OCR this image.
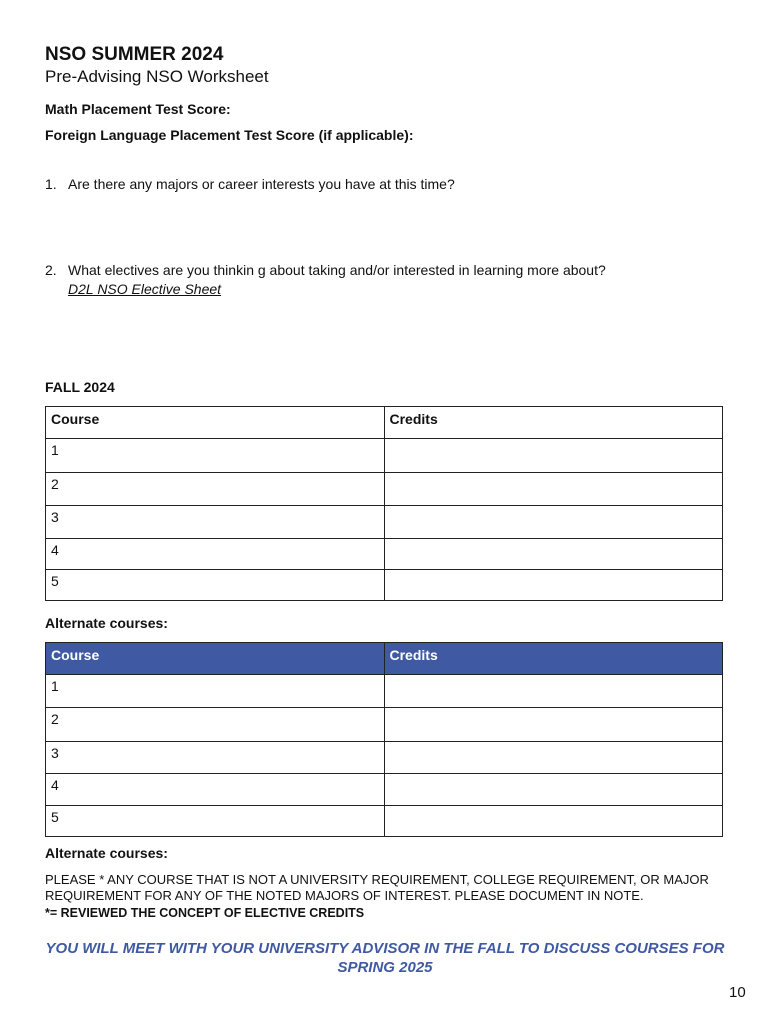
NSO SUMMER 2024
Pre-Advising NSO Worksheet
Math Placement Test Score:
Foreign Language Placement Test Score (if applicable):
1. Are there any majors or career interests you have at this time?
2. What electives are you thinkin g about taking and/or interested in learning more about?
D2L NSO Elective Sheet
FALL 2024
Course	Credits
1	
2	
3	
4	
5	
Alternate courses:
Course	Credits
1	
2	
3	
4	
5	
Alternate courses:
PLEASE * ANY COURSE THAT IS NOT A UNIVERSITY REQUIREMENT, COLLEGE REQUIREMENT, OR MAJOR REQUIREMENT FOR ANY OF THE NOTED MAJORS OF INTEREST. PLEASE DOCUMENT IN NOTE.
*= REVIEWED THE CONCEPT OF ELECTIVE CREDITS
YOU WILL MEET WITH YOUR UNIVERSITY ADVISOR IN THE FALL TO DISCUSS COURSES FOR SPRING 2025
10
